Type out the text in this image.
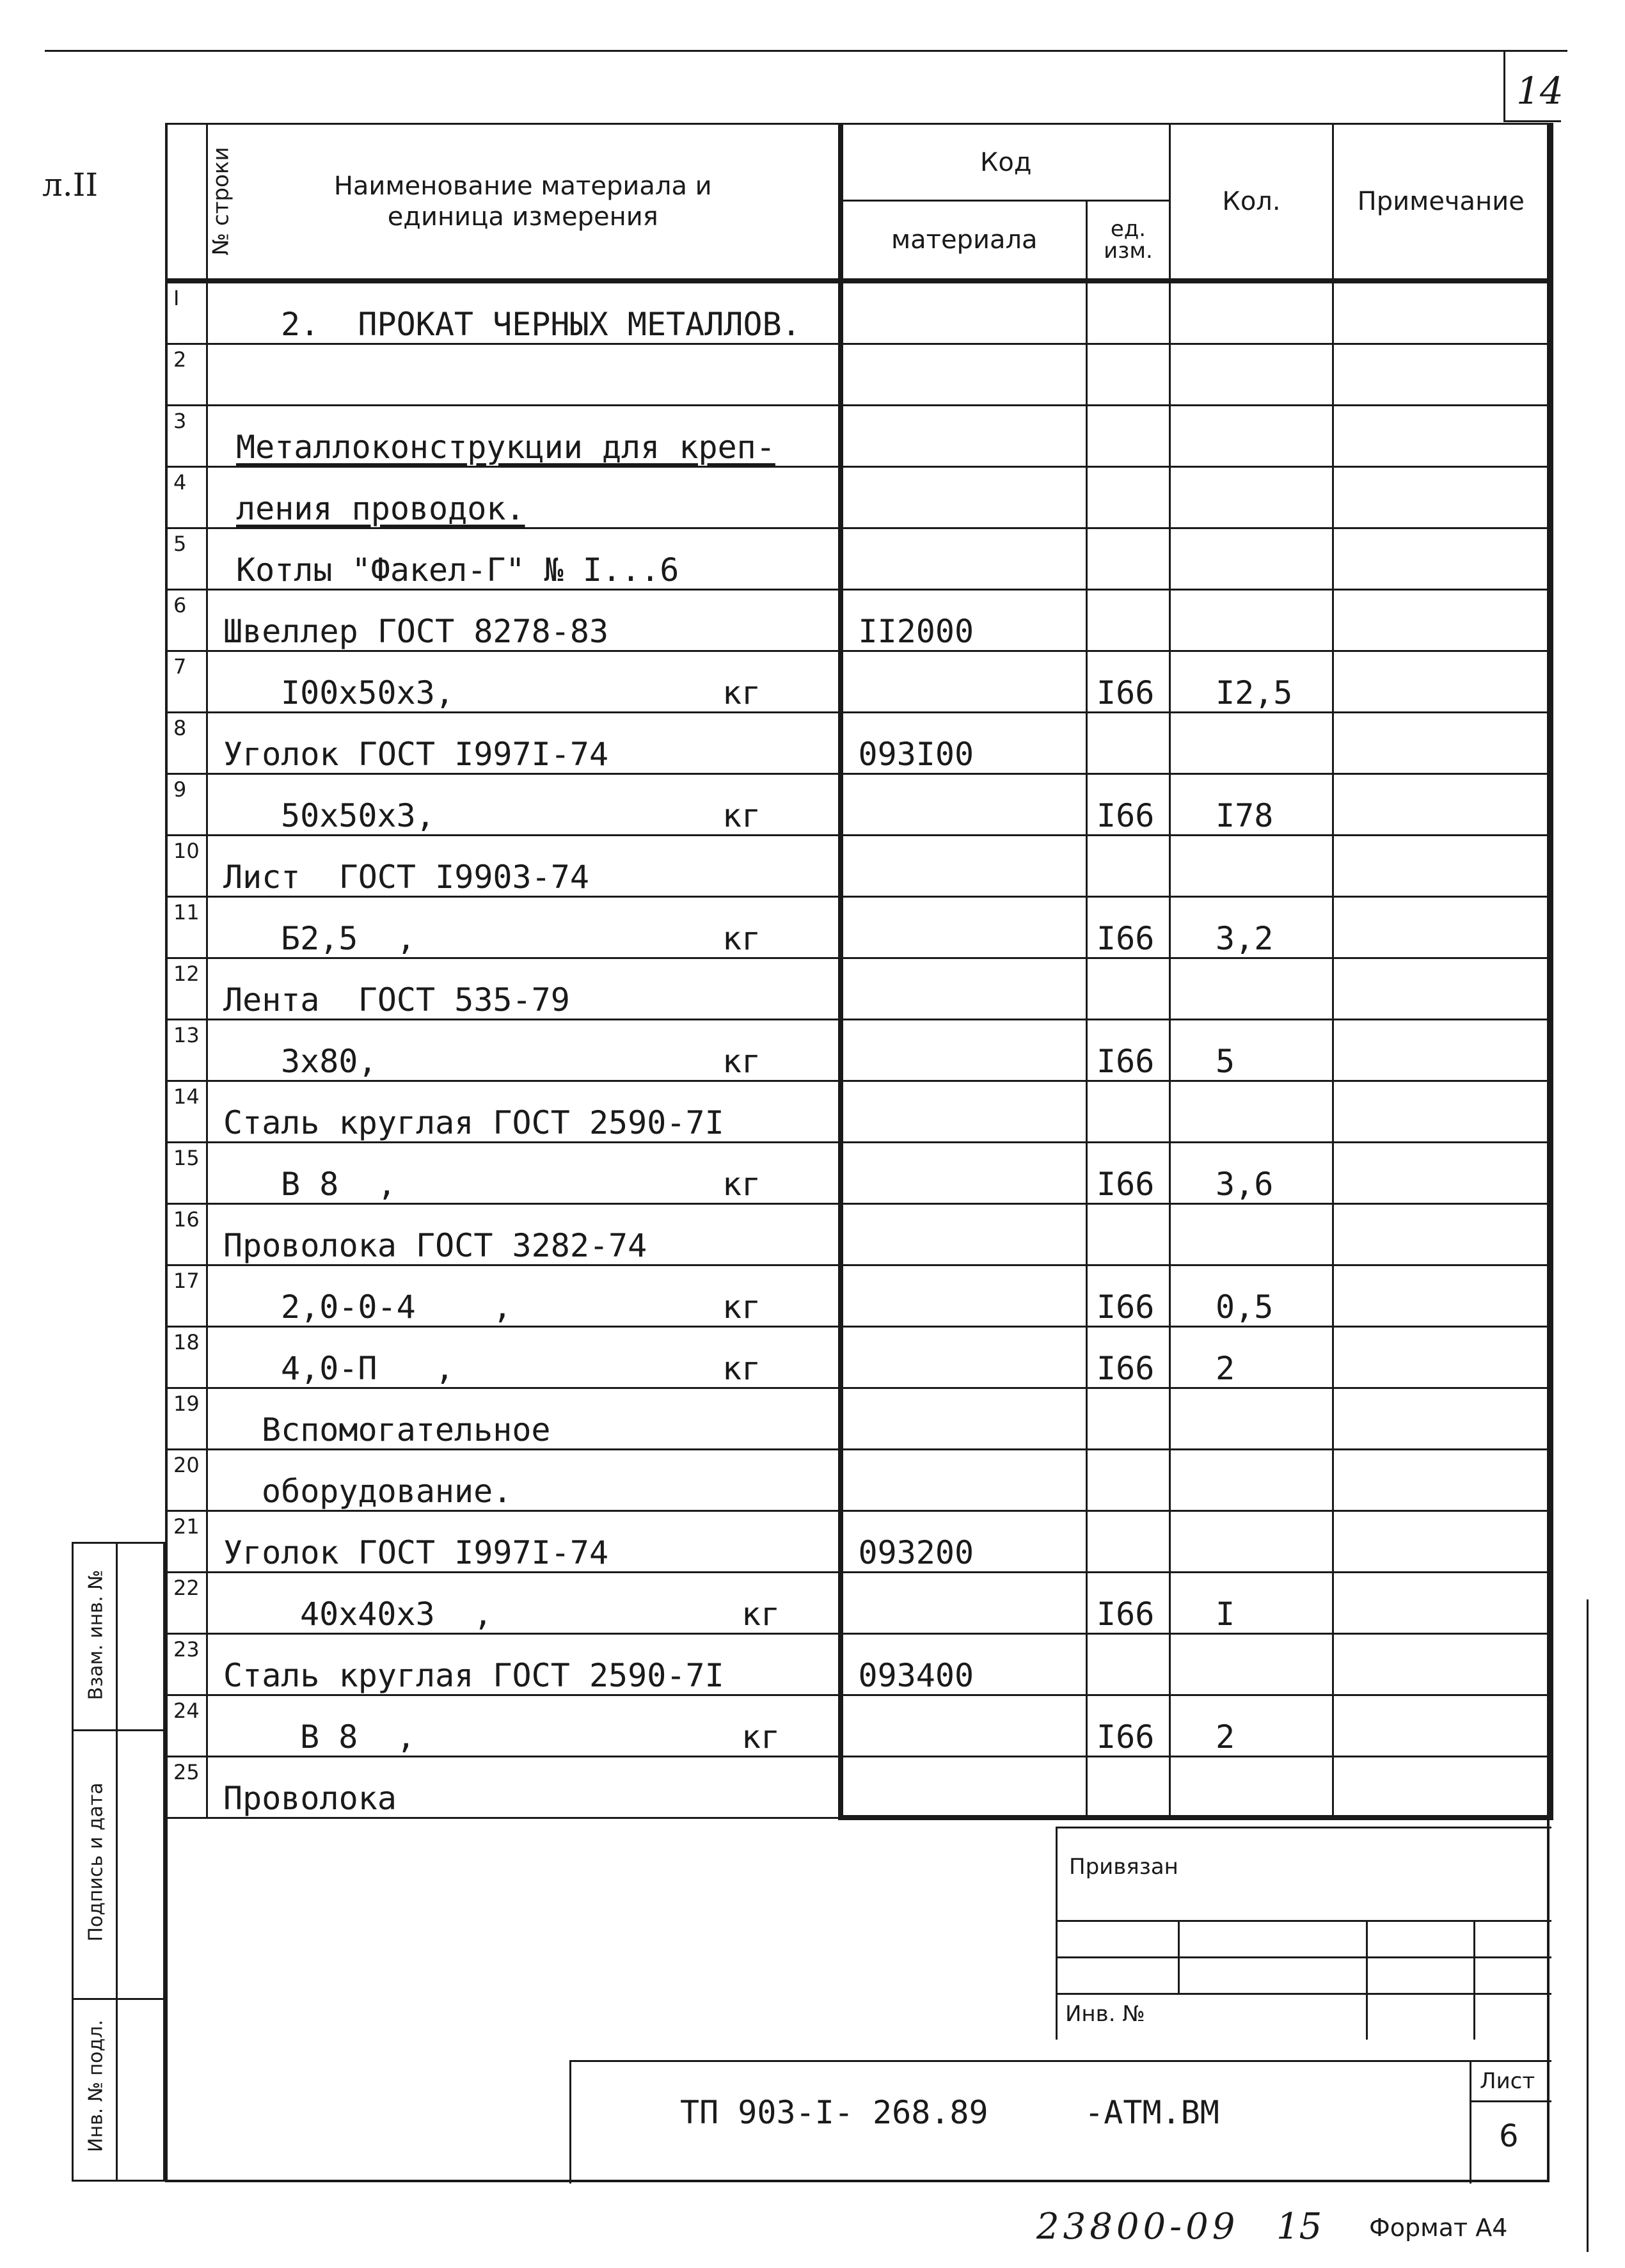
14
л.II	№ строки	Наименование материала и единица измерения	Код		Кол.	Примечание
		материала	ед. изм.		
I	2.  ПРОКАТ ЧЕРНЫХ МЕТАЛЛОВ.				
2					
3	Металлоконструкции для креп-				
4	ления проводок.				
5	Котлы "Факел-Г" № I...6				
6	Швеллер ГОСТ 8278-83	II2000			
7	I00x50x3, кг		I66	I2,5	
8	Уголок ГОСТ I997I-74	093I00			
9	50x50x3, кг		I66	I78	
10	Лист  ГОСТ I9903-74				
11	Б2,5  , кг		I66	3,2	
12	Лента  ГОСТ 535-79				
13	3x80, кг		I66	5	
14	Сталь круглая ГОСТ 2590-7I				
15	В 8  , кг		I66	3,6	
16	Проволока ГОСТ 3282-74				
17	2,0-0-4    , кг		I66	0,5	
18	4,0-П   , кг		I66	2	
19	Вспомогательное				
20	оборудование.				
21	Уголок ГОСТ I997I-74	093200			
22	40x40x3  , кг		I66	I	
23	Сталь круглая ГОСТ 2590-7I	093400			
24	В 8  , кг		I66	2	
25	Проволока				
Взам. инв. №
Подпись и дата
Инв. № подл.
Привязан
Инв. №
ТП 903-I- 268.89     -АТМ.ВМ
Лист
6
23800-09 15 Формат А4
